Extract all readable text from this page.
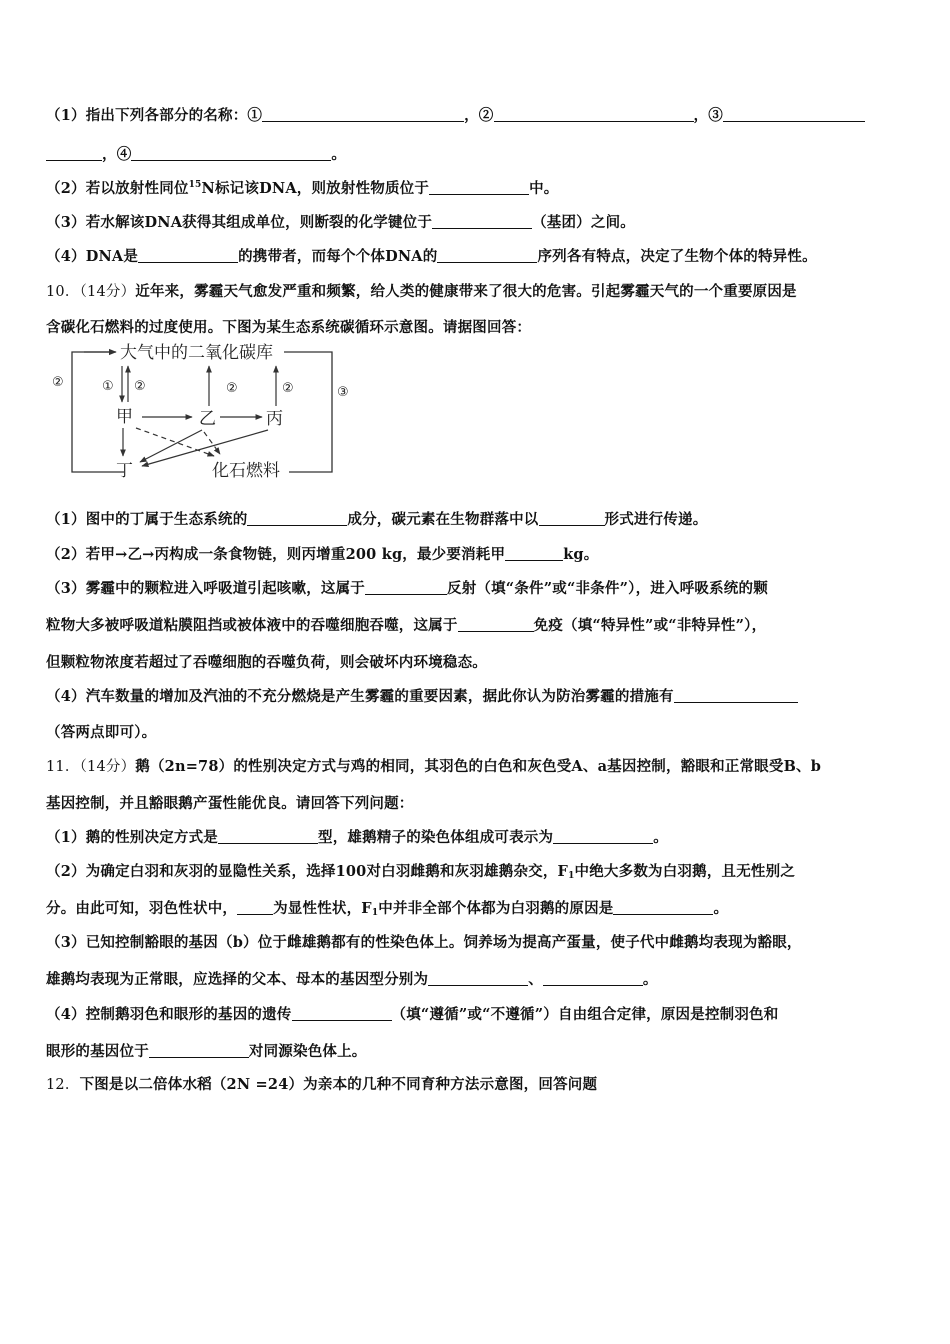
（1）指出下列各部分的名称：①	，②	，③
，④	。
（2）若以放射性同位$^{15}$N标记该DNA，则放射性物质位于	中。
（3）若水解该DNA获得其组成单位，则断裂的化学键位于	（基团）之间。
（4）DNA是	的携带者，而每个个体DNA的	序列各有特点，决定了生物个体的特异性。
10．（14分）近年来，雾霾天气愈发严重和频繁，给人类的健康带来了很大的危害。引起雾霾天气的一个重要原因是
含碳化石燃料的过度使用。下图为某生态系统碳循环示意图。请据图回答：
大气中的二氧化碳库
②	① ②	②	②	③
甲	乙	丙
丁	化石燃料
（1）图中的丁属于生态系统的	成分，碳元素在生物群落中以	形式进行传递。
（2）若甲→乙→丙构成一条食物链，则丙增重200 kg，最少要消耗甲	kg。
（3）雾霾中的颗粒进入呼吸道引起咳嗽，这属于	反射（填“条件”或“非条件”），进入呼吸系统的颗
粒物大多被呼吸道粘膜阻挡或被体液中的吞噬细胞吞噬，这属于	免疫（填“特异性”或“非特异性”），
但颗粒物浓度若超过了吞噬细胞的吞噬负荷，则会破坏内环境稳态。
（4）汽车数量的增加及汽油的不充分燃烧是产生雾霾的重要因素，据此你认为防治雾霾的措施有
（答两点即可）。
11．（14分）鹅（2n=78）的性别决定方式与鸡的相同，其羽色的白色和灰色受A、a基因控制，豁眼和正常眼受B、b
基因控制，并且豁眼鹅产蛋性能优良。请回答下列问题：
（1）鹅的性别决定方式是	型，雄鹅精子的染色体组成可表示为	。
（2）为确定白羽和灰羽的显隐性关系，选择100对白羽雌鹅和灰羽雄鹅杂交，$F_1$中绝大多数为白羽鹅，且无性别之
分。由此可知，羽色性状中， 为显性性状，$F_1$中并非全部个体都为白羽鹅的原因是	。
（3）已知控制豁眼的基因（b）位于雌雄鹅都有的性染色体上。饲养场为提高产蛋量，使子代中雌鹅均表现为豁眼，
雄鹅均表现为正常眼，应选择的父本、母本的基因型分别为	、	。
（4）控制鹅羽色和眼形的基因的遗传	（填“遵循”或“不遵循”）自由组合定律，原因是控制羽色和
眼形的基因位于	对同源染色体上。
12．下图是以二倍体水稻（2N =24）为亲本的几种不同育种方法示意图，回答问题
